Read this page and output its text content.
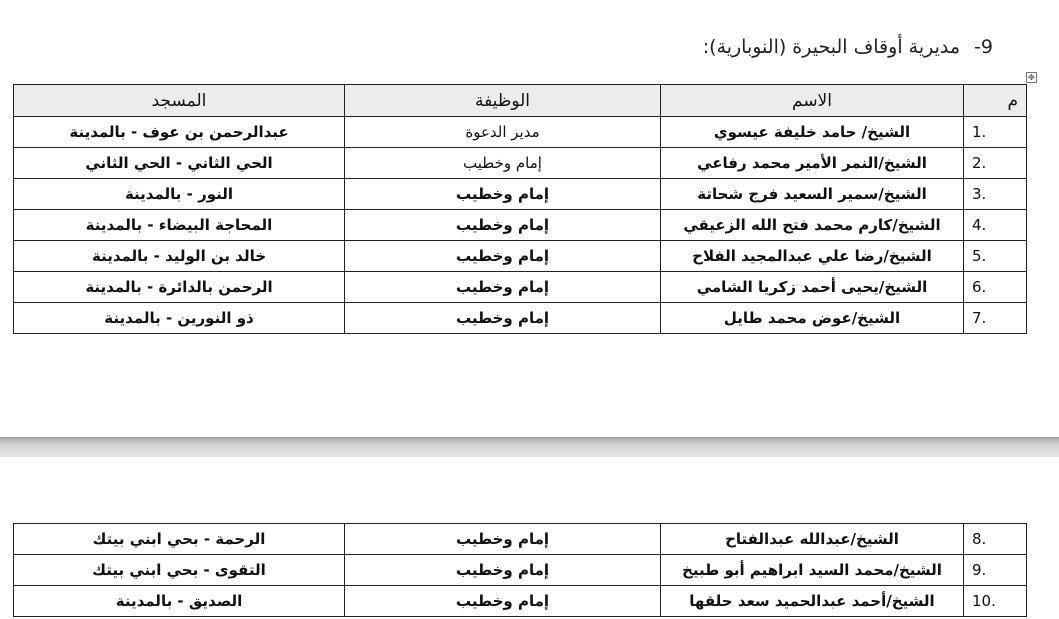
9-مديرية أوقاف البحيرة (النوبارية):
✥
م	الاسم	الوظيفة	المسجد
1.	الشيخ/ حامد خليفة عيسوي	مدير الدعوة	عبدالرحمن بن عوف - بالمدينة
2.	الشيخ/النمر الأمير محمد رفاعي	إمام وخطيب	الحي الثاني - الحي الثاني
3.	الشيخ/سمير السعيد فرج شحاتة	إمام وخطيب	النور - بالمدينة
4.	الشيخ/كارم محمد فتح الله الزعيقي	إمام وخطيب	المحاجة البيضاء - بالمدينة
5.	الشيخ/رضا علي عبدالمجيد الفلاح	إمام وخطيب	خالد بن الوليد - بالمدينة
6.	الشيخ/يحيى أحمد زكريا الشامي	إمام وخطيب	الرحمن بالدائرة - بالمدينة
7.	الشيخ/عوض محمد طايل	إمام وخطيب	ذو النورين - بالمدينة
8.	الشيخ/عبدالله عبدالفتاح	إمام وخطيب	الرحمة - بحي ابني بيتك
9.	الشيخ/محمد السيد ابراهيم أبو طبيخ	إمام وخطيب	التقوى - بحي ابني بيتك
10.	الشيخ/أحمد عبدالحميد سعد حلقها	إمام وخطيب	الصديق - بالمدينة
